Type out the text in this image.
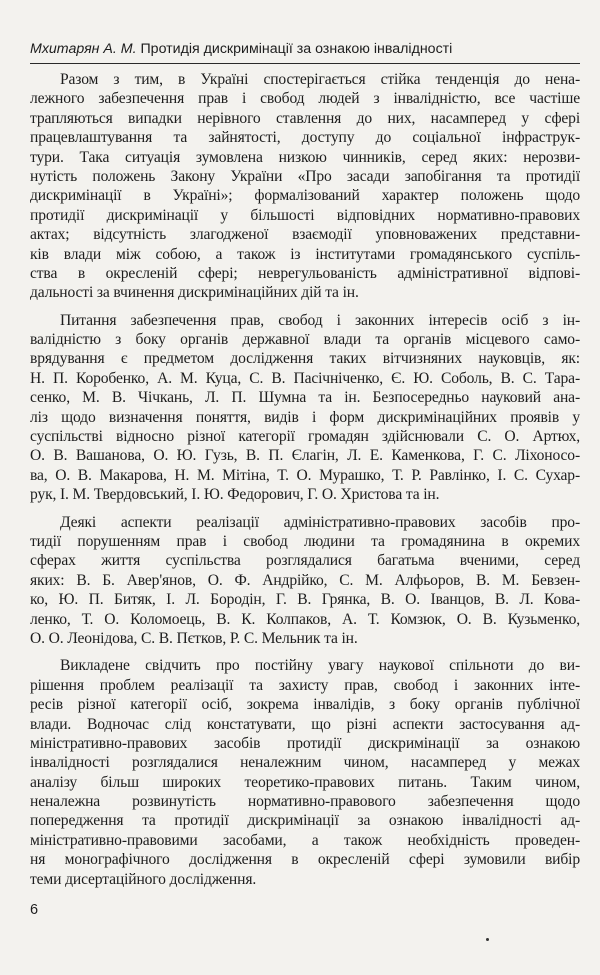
Мхитарян А. М. Протидія дискримінації за ознакою інвалідності
Разом з тим, в Україні спостерігається стійка тенденція до нена-
лежного забезпечення прав і свобод людей з інвалідністю, все частіше
трапляються випадки нерівного ставлення до них, насамперед у сфері
працевлаштування та зайнятості, доступу до соціальної інфраструк-
тури. Така ситуація зумовлена низкою чинників, серед яких: нерозви-
нутість положень Закону України «Про засади запобігання та протидії
дискримінації в Україні»; формалізований характер положень щодо
протидії дискримінації у більшості відповідних нормативно-правових
актах; відсутність злагодженої взаємодії уповноважених представни-
ків влади між собою, а також із інститутами громадянського суспіль-
ства в окресленій сфері; неврегульованість адміністративної відпові-
дальності за вчинення дискримінаційних дій та ін.
Питання забезпечення прав, свобод і законних інтересів осіб з ін-
валідністю з боку органів державної влади та органів місцевого само-
врядування є предметом дослідження таких вітчизняних науковців, як:
Н. П. Коробенко, А. М. Куца, С. В. Пасічніченко, Є. Ю. Соболь, В. С. Тара-
сенко, М. В. Чічкань, Л. П. Шумна та ін. Безпосередньо науковий ана-
ліз щодо визначення поняття, видів і форм дискримінаційних проявів у
суспільстві відносно різної категорії громадян здійснювали С. О. Артюх,
О. В. Вашанова, О. Ю. Гузь, В. П. Єлагін, Л. Е. Каменкова, Г. С. Ліхоносо-
ва, О. В. Макарова, Н. М. Мітіна, Т. О. Мурашко, Т. Р. Равлінко, І. С. Сухар-
рук, І. М. Твердовський, І. Ю. Федорович, Г. О. Христова та ін.
Деякі аспекти реалізації адміністративно-правових засобів про-
тидії порушенням прав і свобод людини та громадянина в окремих
сферах життя суспільства розглядалися багатьма вченими, серед
яких: В. Б. Авер'янов, О. Ф. Андрійко, С. М. Алфьоров, В. М. Бевзен-
ко, Ю. П. Битяк, І. Л. Бородін, Г. В. Грянка, В. О. Іванцов, В. Л. Кова-
ленко, Т. О. Коломоець, В. К. Колпаков, А. Т. Комзюк, О. В. Кузьменко,
О. О. Леонідова, С. В. Пєтков, Р. С. Мельник та ін.
Викладене свідчить про постійну увагу наукової спільноти до ви-
рішення проблем реалізації та захисту прав, свобод і законних інте-
ресів різної категорії осіб, зокрема інвалідів, з боку органів публічної
влади. Водночас слід констатувати, що різні аспекти застосування ад-
міністративно-правових засобів протидії дискримінації за ознакою
інвалідності розглядалися неналежним чином, насамперед у межах
аналізу більш широких теоретико-правових питань. Таким чином,
неналежна розвинутість нормативно-правового забезпечення щодо
попередження та протидії дискримінації за ознакою інвалідності ад-
міністративно-правовими засобами, а також необхідність проведен-
ня монографічного дослідження в окресленій сфері зумовили вибір
теми дисертаційного дослідження.
6
